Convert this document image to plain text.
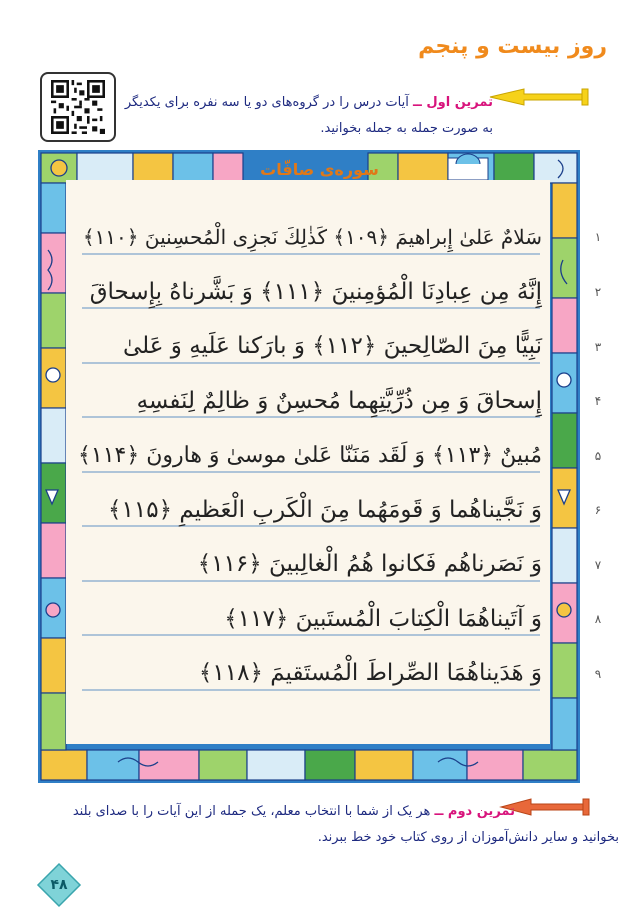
روز بیست و پنجم
تمرین اول ــ آیات درس را در گروه‌های دو یا سه نفره برای یکدیگر
به صورت جمله به جمله بخوانید.
سوره‌ی صافّات
سَلامٌ عَلیٰ إِبراهیمَ ﴿۱۰۹﴾ کَذٰلِكَ نَجزِی الْمُحسِنینَ ﴿۱۱۰﴾
إِنَّهُ مِن عِبادِنَا الْمُؤمِنینَ ﴿۱۱۱﴾ وَ بَشَّرناهُ بِإِسحاقَ
نَبِیًّا مِنَ الصّالِحینَ ﴿۱۱۲﴾ وَ بارَکنا عَلَیهِ وَ عَلیٰ
إِسحاقَ وَ مِن ذُرِّیَّتِهِما مُحسِنٌ وَ ظالِمٌ لِنَفسِهِ
مُبینٌ ﴿۱۱۳﴾ وَ لَقَد مَنَنّا عَلیٰ موسیٰ وَ هارونَ ﴿۱۱۴﴾
وَ نَجَّیناهُما وَ قَومَهُما مِنَ الْکَربِ الْعَظیمِ ﴿۱۱۵﴾
وَ نَصَرناهُم فَکانوا هُمُ الْغالِبینَ ﴿۱۱۶﴾
وَ آتَیناهُمَا الْکِتابَ الْمُستَبینَ ﴿۱۱۷﴾
وَ هَدَیناهُمَا الصِّراطَ الْمُستَقیمَ ﴿۱۱۸﴾
۱
۲
۳
۴
۵
۶
۷
۸
۹
تمرین دوم ــ هر یک از شما با انتخاب معلم، یک جمله از این آیات را با صدای بلند
بخوانید و سایر دانش‌آموزان از روی کتاب خود خط ببرند.
۴۸
